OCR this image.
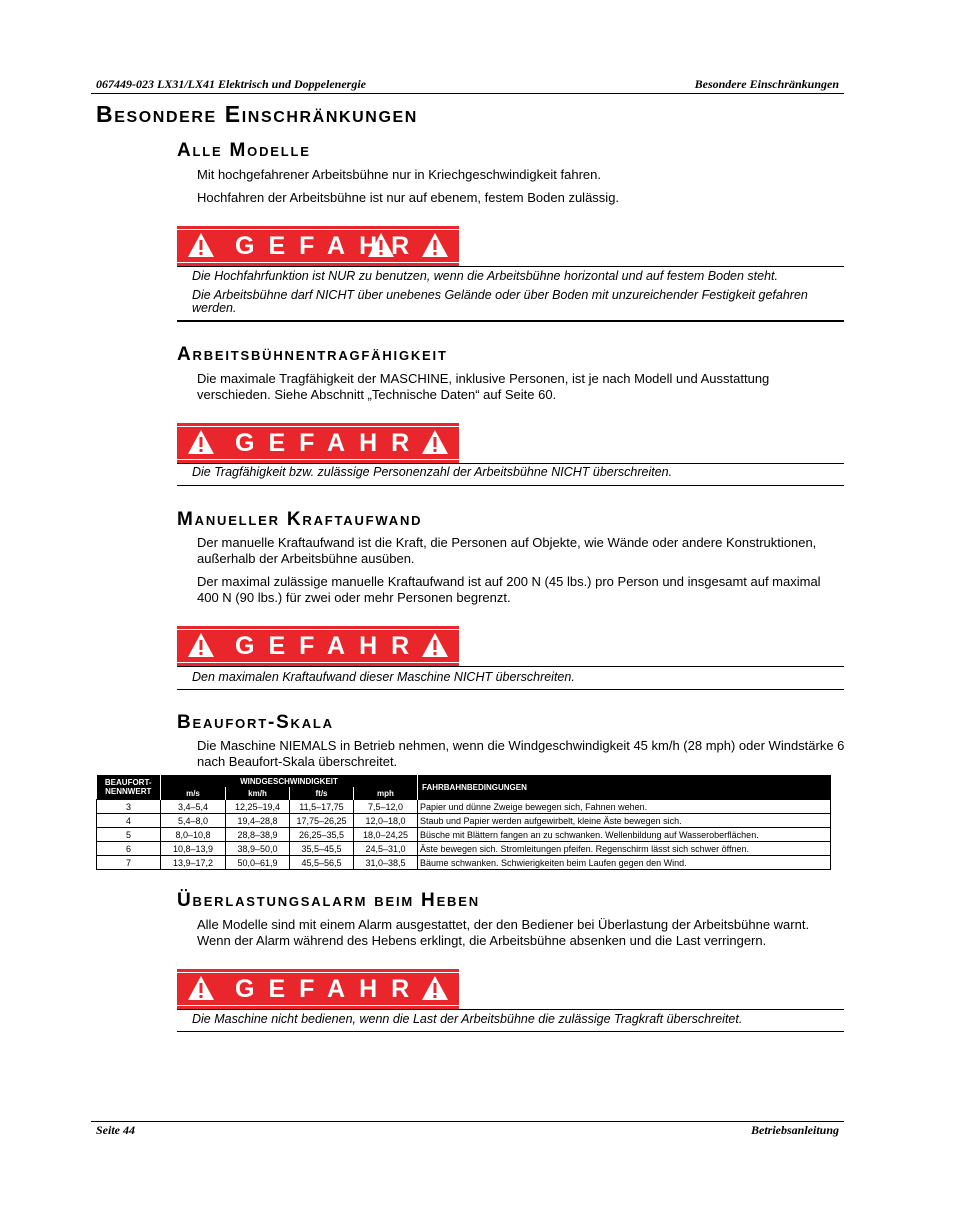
067449-023 LX31/LX41 Elektrisch und Doppelenergie	Besondere Einschränkungen
Besondere Einschränkungen
Alle Modelle

Mit hochgefahrener Arbeitsbühne nur in Kriechgeschwindigkeit fahren.

Hochfahren der Arbeitsbühne ist nur auf ebenem, festem Boden zulässig.

GEFAHR

Die Hochfahrfunktion ist NUR zu benutzen, wenn die Arbeitsbühne horizontal und auf festem Boden steht.

Die Arbeitsbühne darf NICHT über unebenes Gelände oder über Boden mit unzureichender Festigkeit gefahren werden.

Arbeitsbühnentragfähigkeit

Die maximale Tragfähigkeit der MASCHINE, inklusive Personen, ist je nach Modell und Ausstattung verschieden. Siehe Abschnitt „Technische Daten“ auf Seite 60.

GEFAHR

Die Tragfähigkeit bzw. zulässige Personenzahl der Arbeitsbühne NICHT überschreiten.

Manueller Kraftaufwand

Der manuelle Kraftaufwand ist die Kraft, die Personen auf Objekte, wie Wände oder andere Konstruktionen, außerhalb der Arbeitsbühne ausüben.

Der maximal zulässige manuelle Kraftaufwand ist auf 200 N (45 lbs.) pro Person und insgesamt auf maximal 400 N (90 lbs.) für zwei oder mehr Personen begrenzt.

GEFAHR

Den maximalen Kraftaufwand dieser Maschine NICHT überschreiten.

Beaufort-Skala

Die Maschine NIEMALS in Betrieb nehmen, wenn die Windgeschwindigkeit 45 km/h (28 mph) oder Windstärke 6 nach Beaufort-Skala überschreitet.

BEAUFORT-NENNWERT	WINDGESCHWINDIGKEIT				FAHRBAHNBEDINGUNGEN
	m/s	km/h	ft/s	mph	
3	3,4–5,4	12,25–19,4	11,5–17,75	7,5–12,0	Papier und dünne Zweige bewegen sich, Fahnen wehen.
4	5,4–8,0	19,4–28,8	17,75–26,25	12,0–18,0	Staub und Papier werden aufgewirbelt, kleine Äste bewegen sich.
5	8,0–10,8	28,8–38,9	26,25–35,5	18,0–24,25	Büsche mit Blättern fangen an zu schwanken. Wellenbildung auf Wasseroberflächen.
6	10,8–13,9	38,9–50,0	35,5–45,5	24,5–31,0	Äste bewegen sich. Stromleitungen pfeifen. Regenschirm lässt sich schwer öffnen.
7	13,9–17,2	50,0–61,9	45,5–56,5	31,0–38,5	Bäume schwanken. Schwierigkeiten beim Laufen gegen den Wind.
Überlastungsalarm beim Heben

Alle Modelle sind mit einem Alarm ausgestattet, der den Bediener bei Überlastung der Arbeitsbühne warnt. Wenn der Alarm während des Hebens erklingt, die Arbeitsbühne absenken und die Last verringern.

GEFAHR

Die Maschine nicht bedienen, wenn die Last der Arbeitsbühne die zulässige Tragkraft überschreitet.

Seite 44	Betriebsanleitung
